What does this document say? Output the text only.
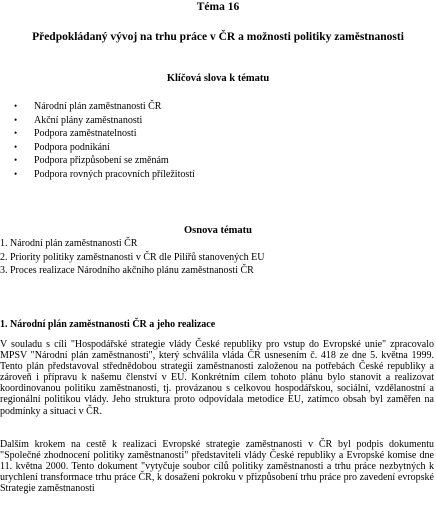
Téma 16
Předpokládaný vývoj na trhu práce v ČR a možnosti politiky zaměstnanosti
Klíčová slova k tématu
• Národní plán zaměstnanosti ČR
• Akční plány zaměstnanosti
• Podpora zaměstnatelnosti
• Podpora podnikání
• Podpora přizpůsobení se změnám
• Podpora rovných pracovních příležitostí
Osnova tématu
1. Národní plán zaměstnanosti ČR
2. Priority politiky zaměstnanosti v ČR dle Pilířů stanovených EU
3. Proces realizace Národního akčního plánu zaměstnanosti ČR
1. Národní plán zaměstnanosti ČR a jeho realizace

V souladu s cíli "Hospodářské strategie vlády České republiky pro vstup do Evropské unie" zpracovalo MPSV "Národní plán zaměstnanosti", který schválila vláda ČR usnesením č. 418 ze dne 5. května 1999. Tento plán představoval střednědobou strategii zaměstnanosti založenou na potřebách České republiky a zároveň i přípravu k našemu členství v EU. Konkrétním cílem tohoto plánu bylo stanovit a realizovat koordinovanou politiku zaměstnanosti, tj. provázanou s celkovou hospodářskou, sociální, vzdělanostní a regionální politikou vlády. Jeho struktura proto odpovídala metodice EU, zatímco obsah byl zaměřen na podmínky a situaci v ČR.

Dalším krokem na cestě k realizaci Evropské strategie zaměstnanosti v ČR byl podpis dokumentu "Společné zhodnocení politiky zaměstnanosti" představiteli vlády České republiky a Evropské komise dne 11. května 2000. Tento dokument "vytyčuje soubor cílů politiky zaměstnanosti a trhu práce nezbytných k urychlení transformace trhu práce ČR, k dosažení pokroku v přizpůsobení trhu práce pro zavedení evropské Strategie zaměstnanosti
